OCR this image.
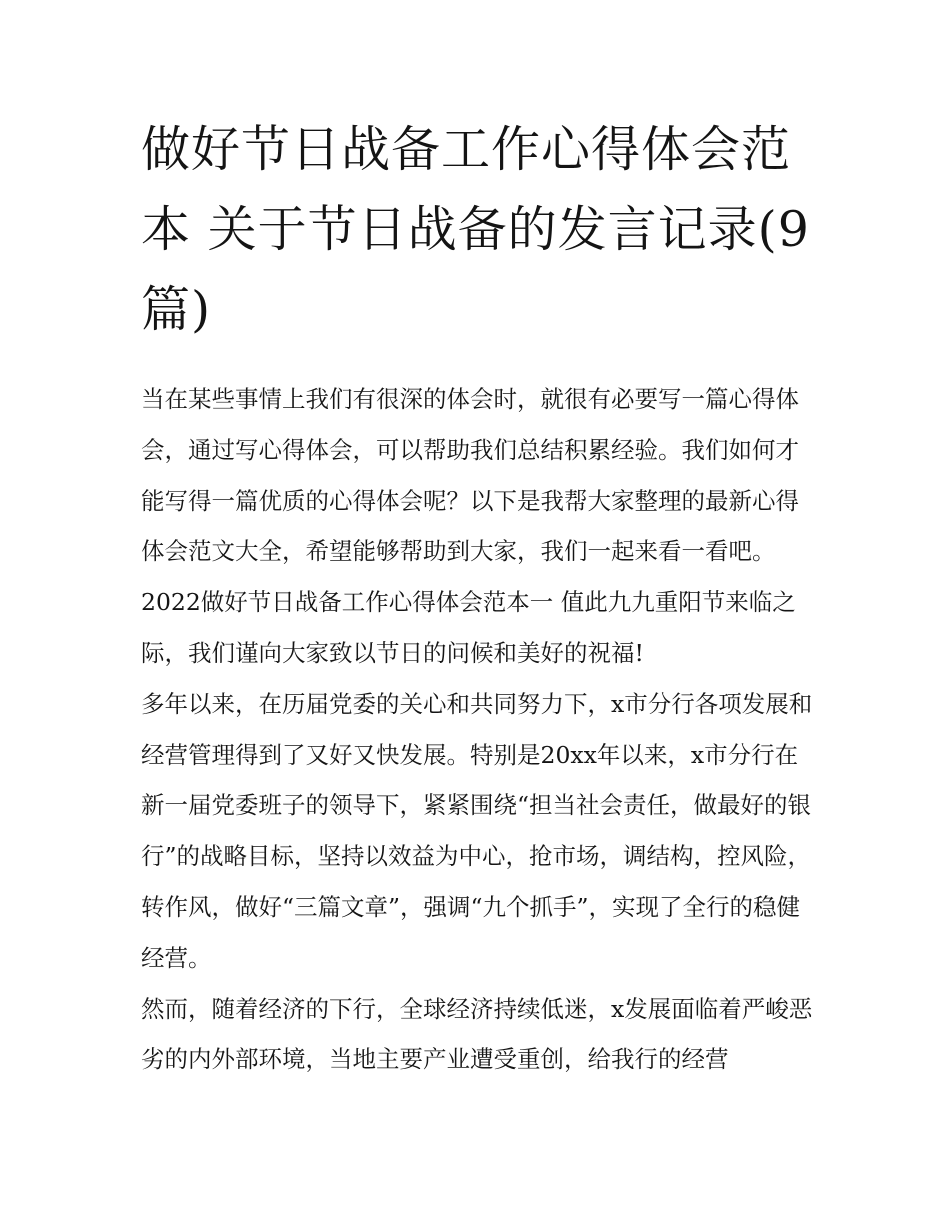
做好节日战备工作心得体会范本 关于节日战备的发言记录(9篇)

当在某些事情上我们有很深的体会时，就很有必要写一篇心得体会，通过写心得体会，可以帮助我们总结积累经验。我们如何才能写得一篇优质的心得体会呢？以下是我帮大家整理的最新心得体会范文大全，希望能够帮助到大家，我们一起来看一看吧。

2022做好节日战备工作心得体会范本一 值此九九重阳节来临之际，我们谨向大家致以节日的问候和美好的祝福!

多年以来，在历届党委的关心和共同努力下，x市分行各项发展和经营管理得到了又好又快发展。特别是20xx年以来，x市分行在新一届党委班子的领导下，紧紧围绕“担当社会责任，做最好的银行”的战略目标，坚持以效益为中心，抢市场，调结构，控风险，转作风，做好“三篇文章”，强调“九个抓手”，实现了全行的稳健经营。

然而，随着经济的下行，全球经济持续低迷，x发展面临着严峻恶劣的内外部环境，当地主要产业遭受重创，给我行的经营
